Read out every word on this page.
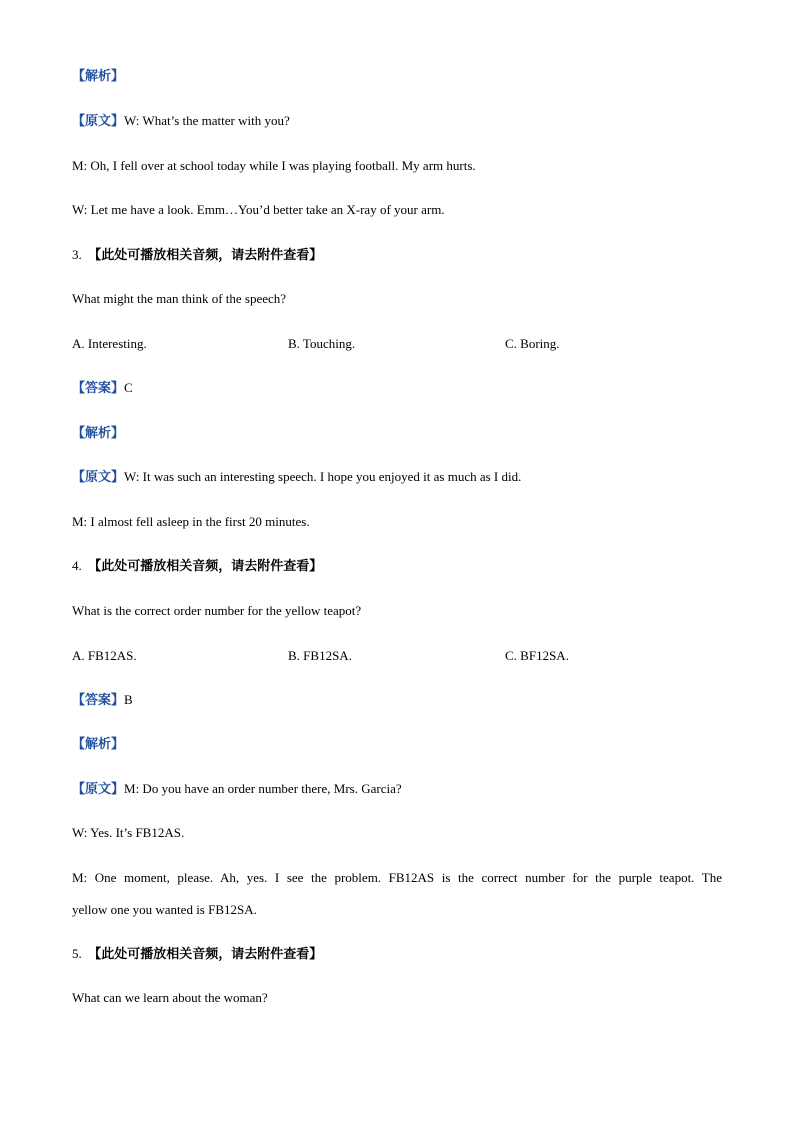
【解析】
【原文】W: What’s the matter with you?
M: Oh, I fell over at school today while I was playing football. My arm hurts.
W: Let me have a look. Emm…You’d better take an X-ray of your arm.
3. 【此处可播放相关音频，请去附件查看】
What might the man think of the speech?
A. Interesting.	B. Touching.	C. Boring.
【答案】C
【解析】
【原文】W: It was such an interesting speech. I hope you enjoyed it as much as I did.
M: I almost fell asleep in the first 20 minutes.
4. 【此处可播放相关音频，请去附件查看】
What is the correct order number for the yellow teapot?
A. FB12AS.	B. FB12SA.	C. BF12SA.
【答案】B
【解析】
【原文】M: Do you have an order number there, Mrs. Garcia?
W: Yes. It’s FB12AS.
M: One moment, please. Ah, yes. I see the problem. FB12AS is the correct number for the purple teapot. The
yellow one you wanted is FB12SA.
5. 【此处可播放相关音频，请去附件查看】
What can we learn about the woman?
